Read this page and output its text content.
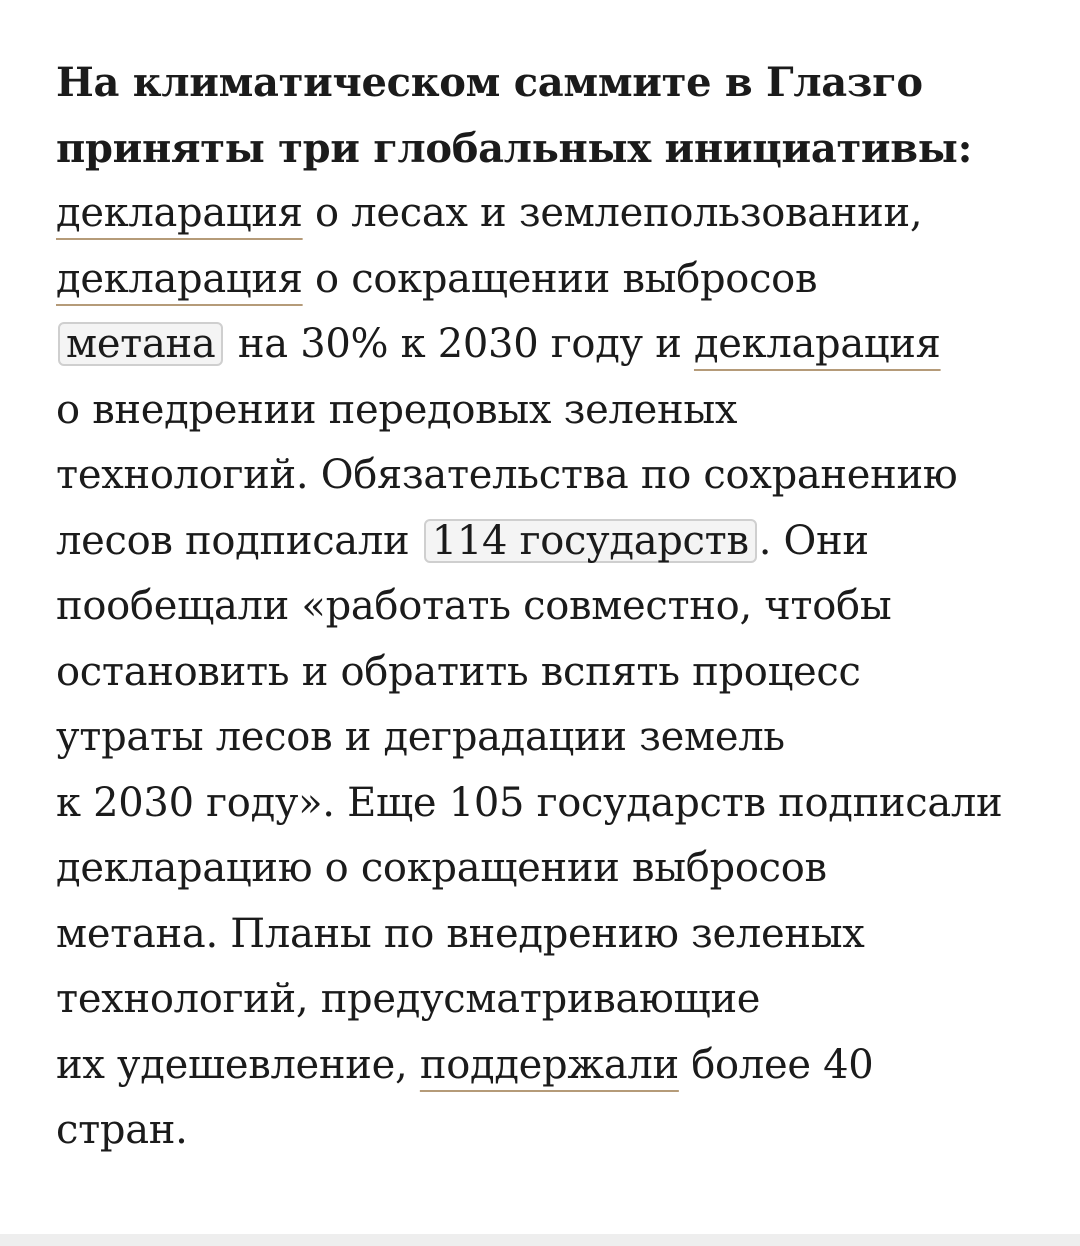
На климатическом саммите в Глазго
приняты три глобальных инициативы:
декларация о лесах и землепользовании,
декларация о сокращении выбросов
метана на 30% к 2030 году и декларация
о внедрении передовых зеленых
технологий. Обязательства по сохранению
лесов подписали 114 государств . Они
пообещали «работать совместно, чтобы
остановить и обратить вспять процесс
утраты лесов и деградации земель
к 2030 году». Еще 105 государств подписали
декларацию о сокращении выбросов
метана. Планы по внедрению зеленых
технологий, предусматривающие
их удешевление, поддержали более 40
стран.
